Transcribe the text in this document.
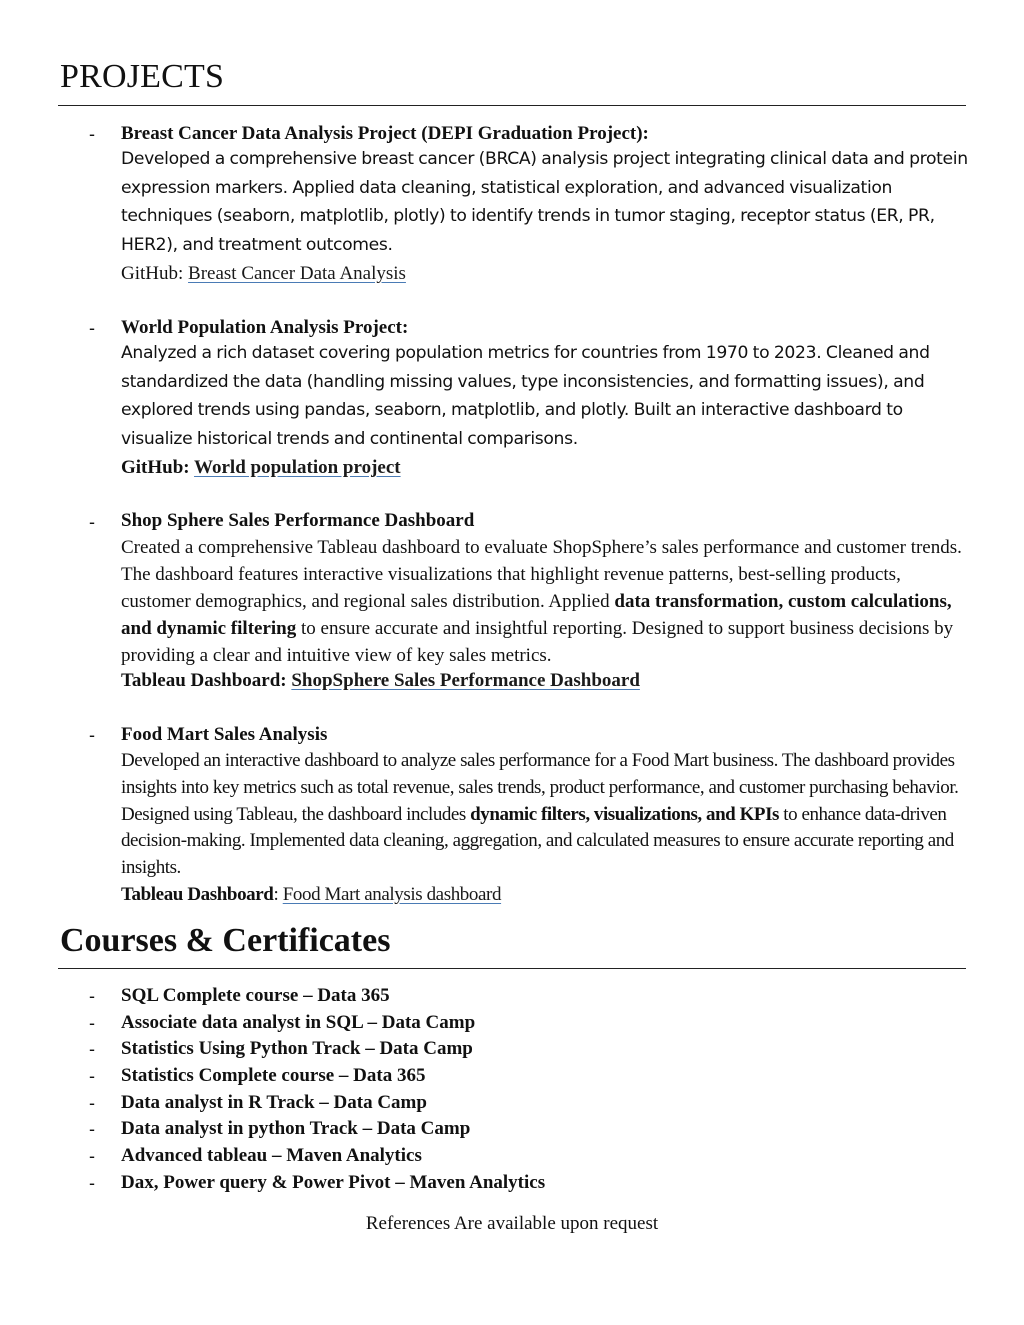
PROJECTS
- Breast Cancer Data Analysis Project (DEPI Graduation Project):

Developed a comprehensive breast cancer (BRCA) analysis project integrating clinical data and protein expression markers. Applied data cleaning, statistical exploration, and advanced visualization techniques (seaborn, matplotlib, plotly) to identify trends in tumor staging, receptor status (ER, PR, HER2), and treatment outcomes.

GitHub: Breast Cancer Data Analysis
- World Population Analysis Project:

Analyzed a rich dataset covering population metrics for countries from 1970 to 2023. Cleaned and standardized the data (handling missing values, type inconsistencies, and formatting issues), and explored trends using pandas, seaborn, matplotlib, and plotly. Built an interactive dashboard to visualize historical trends and continental comparisons.

GitHub: World population project
- Shop Sphere Sales Performance Dashboard

Created a comprehensive Tableau dashboard to evaluate ShopSphere’s sales performance and customer trends. The dashboard features interactive visualizations that highlight revenue patterns, best-selling products, customer demographics, and regional sales distribution. Applied data transformation, custom calculations, and dynamic filtering to ensure accurate and insightful reporting. Designed to support business decisions by providing a clear and intuitive view of key sales metrics.

Tableau Dashboard: ShopSphere Sales Performance Dashboard
- Food Mart Sales Analysis

Developed an interactive dashboard to analyze sales performance for a Food Mart business. The dashboard provides insights into key metrics such as total revenue, sales trends, product performance, and customer purchasing behavior. Designed using Tableau, the dashboard includes dynamic filters, visualizations, and KPIs to enhance data-driven decision-making. Implemented data cleaning, aggregation, and calculated measures to ensure accurate reporting and insights.

Tableau Dashboard: Food Mart analysis dashboard
Courses & Certificates
- SQL Complete course – Data 365
- Associate data analyst in SQL – Data Camp
- Statistics Using Python Track – Data Camp
- Statistics Complete course – Data 365
- Data analyst in R Track – Data Camp
- Data analyst in python Track – Data Camp
- Advanced tableau – Maven Analytics
- Dax, Power query & Power Pivot – Maven Analytics
References Are available upon request
